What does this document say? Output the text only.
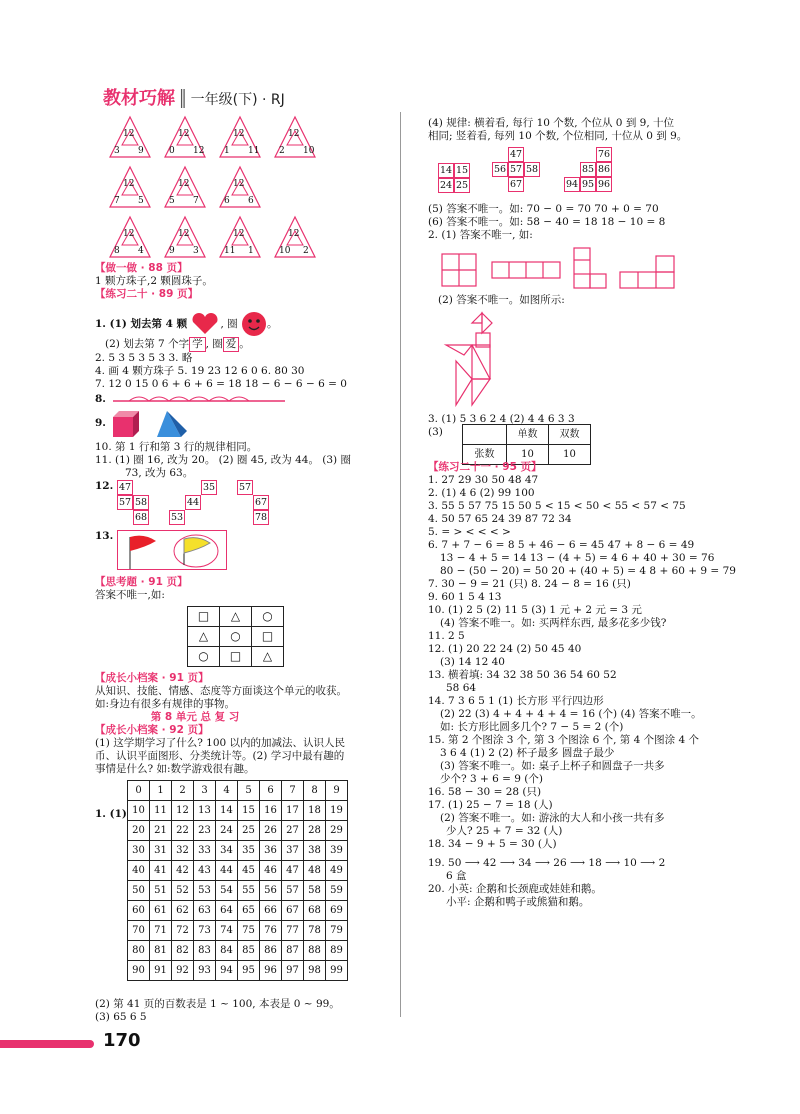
教材巧解 ║ 一年级(下) · RJ
12
3 9
12
0 12
12
1 11
12
2 10
12
5 7
12
6 6
12
7 5
12
8 4
12
9 3
12
11 1
12
10 2
【做一做 · 88 页】
1 颗方珠子,2 颗圆珠子。
【练习二十 · 89 页】
1. (1) 划去第 4 颗	, 圈	。
(2) 划去第 7 个字 学 , 圈 爱 。
2. 5 3 5 3 5 3 3. 略
4. 画 4 颗方珠子 5. 19 23 12 6 0 6. 80 30
7. 12 0 15 0 6 + 6 + 6 = 18 18 − 6 − 6 − 6 = 0
8.
9.
10. 第 1 行和第 3 行的规律相同。
11. (1) 圈 16, 改为 20。 (2) 圈 45, 改为 44。 (3) 圈
73, 改为 63。
12. 47
57 58
68
35
44
53
57
67
78
13.
【思考题 · 91 页】
答案不唯一,如:
□	△	○
△	○	□
○	□	△
【成长小档案 · 91 页】
从知识、技能、情感、态度等方面谈这个单元的收获。
如:身边有很多有规律的事物。
第 8 单元 总 复 习
【成长小档案 · 92 页】
(1) 这学期学习了什么? 100 以内的加减法、认识人民
币、认识平面图形、分类统计等。(2) 学习中最有趣的
事情是什么? 如:数学游戏很有趣。
1. (1)
0	1	2	3	4	5	6	7	8	9
10	11	12	13	14	15	16	17	18	19
20	21	22	23	24	25	26	27	28	29
30	31	32	33	34	35	36	37	38	39
40	41	42	43	44	45	46	47	48	49
50	51	52	53	54	55	56	57	58	59
60	61	62	63	64	65	66	67	68	69
70	71	72	73	74	75	76	77	78	79
80	81	82	83	84	85	86	87	88	89
90	91	92	93	94	95	96	97	98	99
(2) 第 41 页的百数表是 1 ~ 100, 本表是 0 ~ 99。
(3) 65 6 5
(4) 规律: 横着看, 每行 10 个数, 个位从 0 到 9, 十位
相同; 竖着看, 每列 10 个数, 个位相同, 十位从 0 到 9。
14 15
24 25
47
56 57 58
67
76
85 86
94 95 96
(5) 答案不唯一。如: 70 − 0 = 70 70 + 0 = 70
(6) 答案不唯一。如: 58 − 40 = 18 18 − 10 = 8
2. (1) 答案不唯一, 如:
(2) 答案不唯一。如图所示:
3. (1) 5 3 6 2 4 (2) 4 4 6 3 3
(3)
		单数	双数
张数	10	10
【练习二十一 · 95 页】
1. 27 29 30 50 48 47
2. (1) 4 6 (2) 99 100
3. 55 5 57 75 15 50 5 < 15 < 50 < 55 < 57 < 75
4. 50 57 65 24 39 87 72 34
5. = > < < < >
6. 7 + 7 − 6 = 8 5 + 46 − 6 = 45 47 + 8 − 6 = 49
13 − 4 + 5 = 14 13 − (4 + 5) = 4 6 + 40 + 30 = 76
80 − (50 − 20) = 50 20 + (40 + 5) = 4 8 + 60 + 9 = 79
7. 30 − 9 = 21 (只) 8. 24 − 8 = 16 (只)
9. 60 1 5 4 13
10. (1) 2 5 (2) 11 5 (3) 1 元 + 2 元 = 3 元
(4) 答案不唯一。如: 买两样东西, 最多花多少钱?
11. 2 5
12. (1) 20 22 24 (2) 50 45 40
(3) 14 12 40
13. 横着填: 34 32 38 50 36 54 60 52
58 64
14. 7 3 6 5 1 (1) 长方形 平行四边形
(2) 22 (3) 4 + 4 + 4 + 4 = 16 (个) (4) 答案不唯一。
如: 长方形比圆多几个? 7 − 5 = 2 (个)
15. 第 2 个图涂 3 个, 第 3 个图涂 6 个, 第 4 个图涂 4 个
3 6 4 (1) 2 (2) 杯子最多 圆盘子最少
(3) 答案不唯一。如: 桌子上杯子和圆盘子一共多
少个? 3 + 6 = 9 (个)
16. 58 − 30 = 28 (只)
17. (1) 25 − 7 = 18 (人)
(2) 答案不唯一。如: 游泳的大人和小孩一共有多
少人? 25 + 7 = 32 (人)
18. 34 − 9 + 5 = 30 (人)
19. 50 ⟶ 42 ⟶ 34 ⟶ 26 ⟶ 18 ⟶ 10 ⟶ 2
6 盒
20. 小英: 企鹅和长颈鹿或娃娃和鹅。
小平: 企鹅和鸭子或熊猫和鹅。
170
